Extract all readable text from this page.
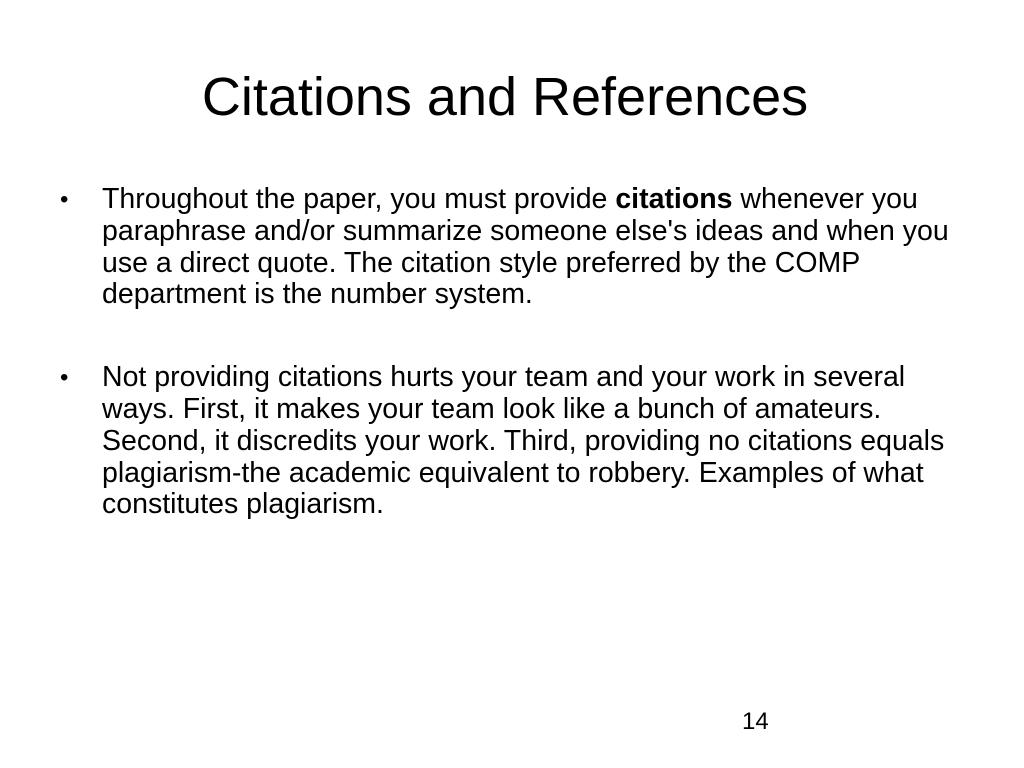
Citations and References
• Throughout the paper, you must provide citations whenever you paraphrase and/or summarize someone else's ideas and when you use a direct quote. The citation style preferred by the COMP department is the number system.
• Not providing citations hurts your team and your work in several ways. First, it makes your team look like a bunch of amateurs. Second, it discredits your work. Third, providing no citations equals plagiarism-the academic equivalent to robbery. Examples of what constitutes plagiarism.
14
